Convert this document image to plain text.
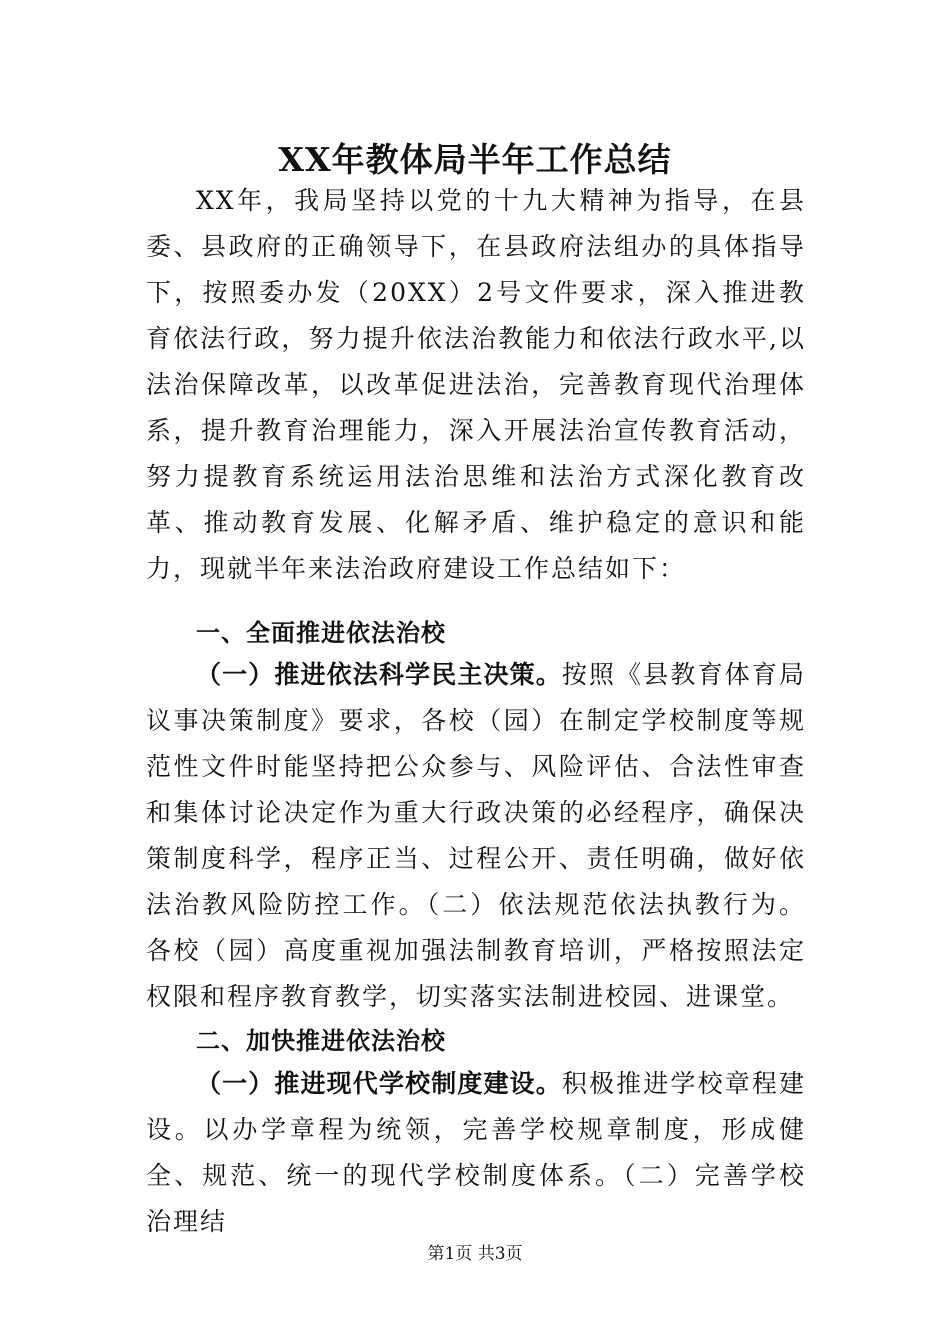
XX年教体局半年工作总结
XX年，我局坚持以党的十九大精神为指导，在县委、县政府的正确领导下，在县政府法组办的具体指导下，按照委办发（20XX）2号文件要求，深入推进教育依法行政，努力提升依法治教能力和依法行政水平,以法治保障改革，以改革促进法治，完善教育现代治理体系，提升教育治理能力，深入开展法治宣传教育活动，努力提教育系统运用法治思维和法治方式深化教育改革、推动教育发展、化解矛盾、维护稳定的意识和能力，现就半年来法治政府建设工作总结如下：
一、全面推进依法治校
（一）推进依法科学民主决策。按照《县教育体育局议事决策制度》要求，各校（园）在制定学校制度等规范性文件时能坚持把公众参与、风险评估、合法性审查和集体讨论决定作为重大行政决策的必经程序，确保决策制度科学，程序正当、过程公开、责任明确，做好依法治教风险防控工作。（二）依法规范依法执教行为。各校（园）高度重视加强法制教育培训，严格按照法定权限和程序教育教学，切实落实法制进校园、进课堂。
二、加快推进依法治校
（一）推进现代学校制度建设。积极推进学校章程建设。以办学章程为统领，完善学校规章制度，形成健全、规范、统一的现代学校制度体系。（二）完善学校治理结
第1页 共3页
